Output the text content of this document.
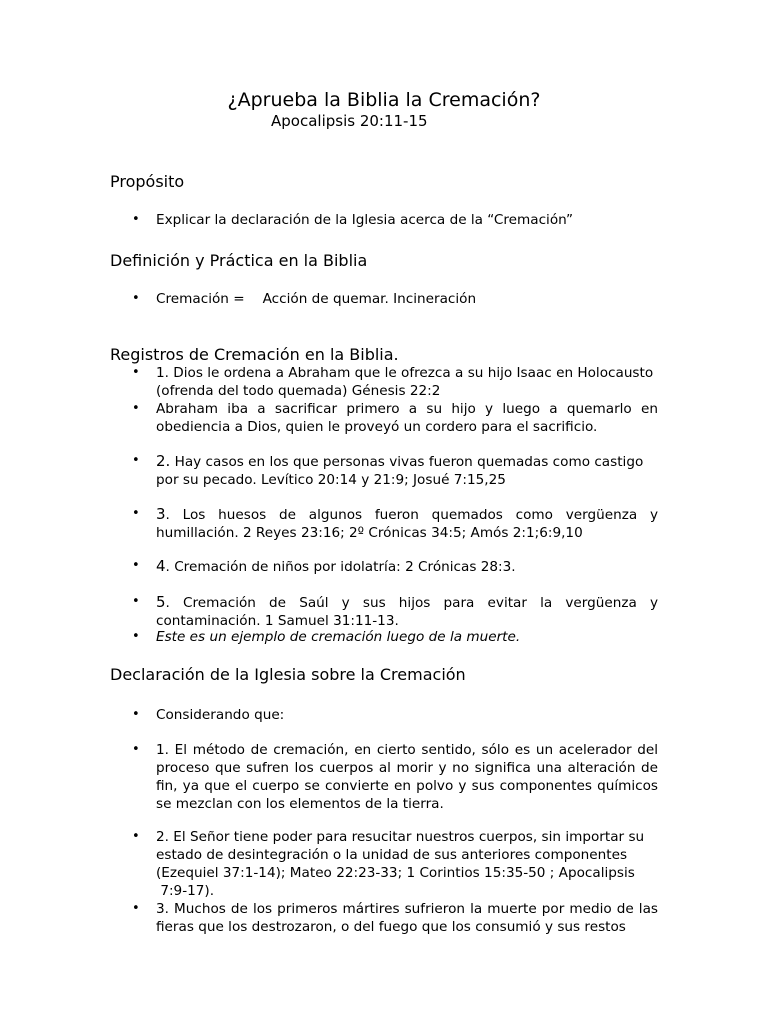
¿Aprueba la Biblia la Cremación?
Apocalipsis 20:11-15
Propósito
• Explicar la declaración de la Iglesia acerca de la “Cremación”
Definición y Práctica en la Biblia
• Cremación = Acción de quemar. Incineración
Registros de Cremación en la Biblia.
• 1. Dios le ordena a Abraham que le ofrezca a su hijo Isaac en Holocausto (ofrenda del todo quemada) Génesis 22:2
• Abraham iba a sacrificar primero a su hijo y luego a quemarlo en obediencia a Dios, quien le proveyó un cordero para el sacrificio.
• 2. Hay casos en los que personas vivas fueron quemadas como castigo por su pecado. Levítico 20:14 y 21:9; Josué 7:15,25
• 3. Los huesos de algunos fueron quemados como vergüenza y humillación. 2 Reyes 23:16; 2º Crónicas 34:5; Amós 2:1;6:9,10
• 4. Cremación de niños por idolatría: 2 Crónicas 28:3.
• 5. Cremación de Saúl y sus hijos para evitar la vergüenza y contaminación. 1 Samuel 31:11-13.
• Este es un ejemplo de cremación luego de la muerte.
Declaración de la Iglesia sobre la Cremación
• Considerando que:
• 1. El método de cremación, en cierto sentido, sólo es un acelerador del proceso que sufren los cuerpos al morir y no significa una alteración de fin, ya que el cuerpo se convierte en polvo y sus componentes químicos se mezclan con los elementos de la tierra.
• 2. El Señor tiene poder para resucitar nuestros cuerpos, sin importar su
estado de desintegración o la unidad de sus anteriores componentes
(Ezequiel 37:1-14); Mateo 22:23-33; 1 Corintios 15:35-50 ; Apocalipsis
7:9-17).
• 3. Muchos de los primeros mártires sufrieron la muerte por medio de las fieras que los destrozaron, o del fuego que los consumió y sus restos
